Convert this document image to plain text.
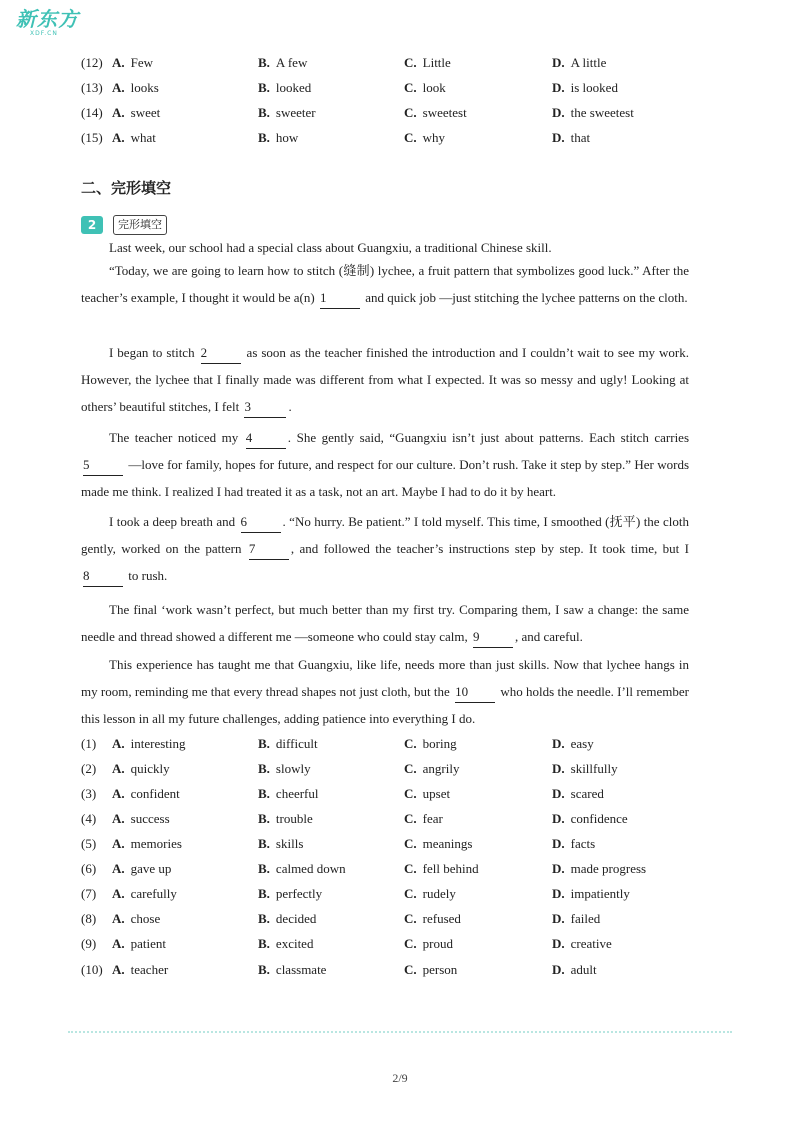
新东方
XDF.CN
(12) A. Few	B. A few	C. Little	D. A little
(13) A. looks	B. looked	C. look	D. is looked
(14) A. sweet	B. sweeter	C. sweetest	D. the sweetest
(15) A. what	B. how	C. why	D. that
二、完形填空
2	完形填空
Last week, our school had a special class about Guangxiu, a traditional Chinese skill.
“Today, we are going to learn how to stitch (缝制) lychee, a fruit pattern that symbolizes good luck.” After the teacher’s example, I thought it would be a(n) 1	and quick job —just stitching the lychee patterns on the cloth.
I began to stitch 2	as soon as the teacher finished the introduction and I couldn’t wait to see my work. However, the lychee that I finally made was different from what I expected. It was so messy and ugly! Looking at others’ beautiful stitches, I felt 3	.
The teacher noticed my 4	. She gently said, “Guangxiu isn’t just about patterns. Each stitch carries 5	—love for family, hopes for future, and respect for our culture. Don’t rush. Take it step by step.” Her words made me think. I realized I had treated it as a task, not an art. Maybe I had to do it by heart.
I took a deep breath and 6	. “No hurry. Be patient.” I told myself. This time, I smoothed (抚平) the cloth gently, worked on the pattern 7	, and followed the teacher’s instructions step by step. It took time, but I 8	to rush.
The final ‘work wasn’t perfect, but much better than my first try. Comparing them, I saw a change: the same needle and thread showed a different me —someone who could stay calm, 9	, and careful.
This experience has taught me that Guangxiu, like life, needs more than just skills. Now that lychee hangs in my room, reminding me that every thread shapes not just cloth, but the 10 who holds the needle. I’ll remember this lesson in all my future challenges, adding patience into everything I do.
(1) A. interesting	B. difficult	C. boring	D. easy
(2) A. quickly	B. slowly	C. angrily	D. skillfully
(3) A. confident	B. cheerful	C. upset	D. scared
(4) A. success	B. trouble	C. fear	D. confidence
(5) A. memories	B. skills	C. meanings	D. facts
(6) A. gave up	B. calmed down	C. fell behind	D. made progress
(7) A. carefully	B. perfectly	C. rudely	D. impatiently
(8) A. chose	B. decided	C. refused	D. failed
(9) A. patient	B. excited	C. proud	D. creative
(10) A. teacher	B. classmate	C. person	D. adult
2/9
